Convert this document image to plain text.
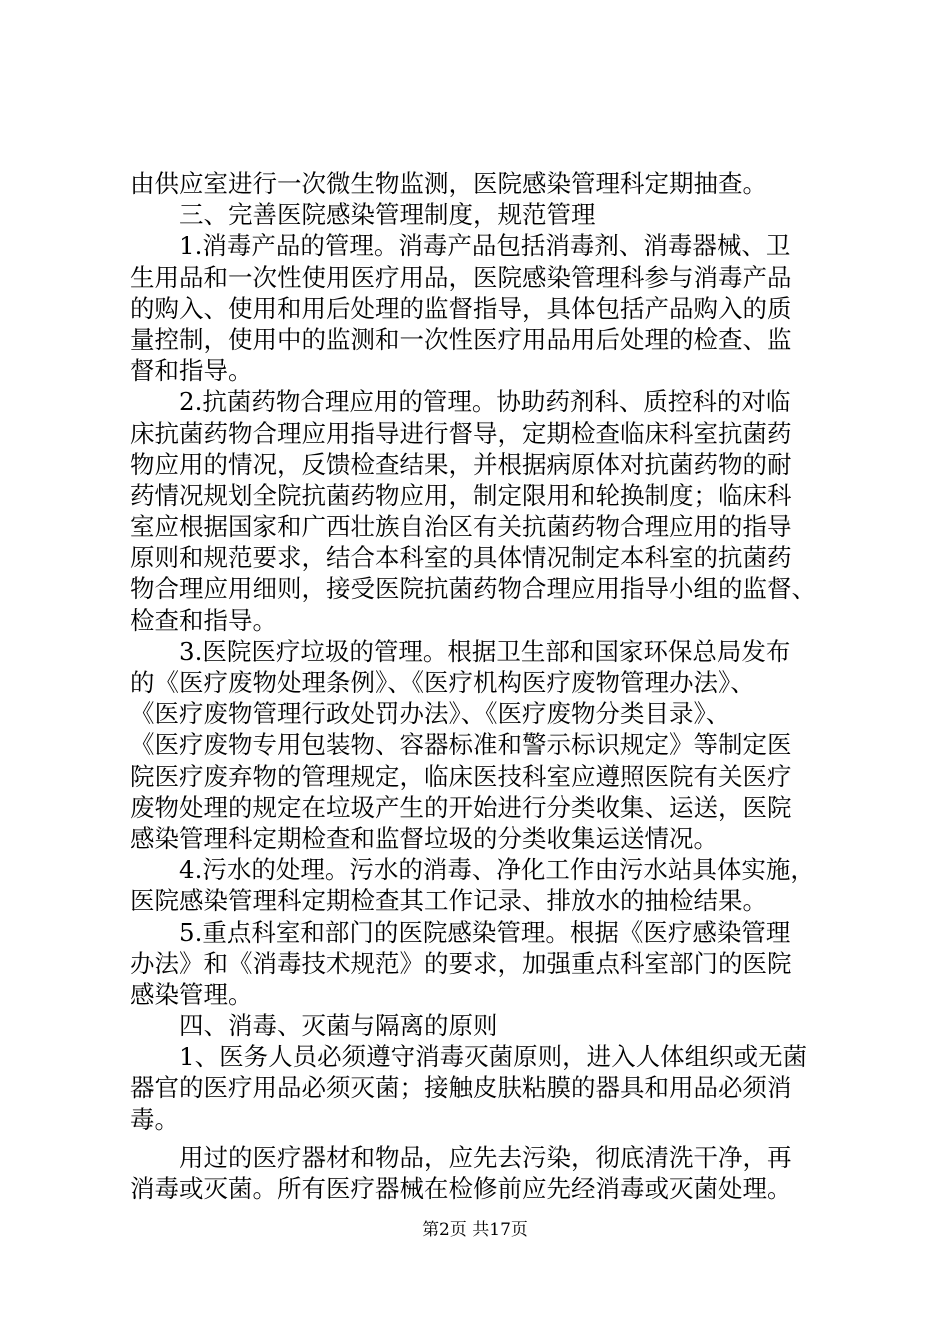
由供应室进行一次微生物监测，医院感染管理科定期抽查。
三、完善医院感染管理制度，规范管理
1.消毒产品的管理。消毒产品包括消毒剂、消毒器械、卫
生用品和一次性使用医疗用品，医院感染管理科参与消毒产品
的购入、使用和用后处理的监督指导，具体包括产品购入的质
量控制，使用中的监测和一次性医疗用品用后处理的检查、监
督和指导。
2.抗菌药物合理应用的管理。协助药剂科、质控科的对临
床抗菌药物合理应用指导进行督导，定期检查临床科室抗菌药
物应用的情况，反馈检查结果，并根据病原体对抗菌药物的耐
药情况规划全院抗菌药物应用，制定限用和轮换制度；临床科
室应根据国家和广西壮族自治区有关抗菌药物合理应用的指导
原则和规范要求，结合本科室的具体情况制定本科室的抗菌药
物合理应用细则，接受医院抗菌药物合理应用指导小组的监督、
检查和指导。
3.医院医疗垃圾的管理。根据卫生部和国家环保总局发布
的《医疗废物处理条例》、《医疗机构医疗废物管理办法》、
《医疗废物管理行政处罚办法》、《医疗废物分类目录》、
《医疗废物专用包装物、容器标准和警示标识规定》等制定医
院医疗废弃物的管理规定，临床医技科室应遵照医院有关医疗
废物处理的规定在垃圾产生的开始进行分类收集、运送，医院
感染管理科定期检查和监督垃圾的分类收集运送情况。
4.污水的处理。污水的消毒、净化工作由污水站具体实施，
医院感染管理科定期检查其工作记录、排放水的抽检结果。
5.重点科室和部门的医院感染管理。根据《医疗感染管理
办法》和《消毒技术规范》的要求，加强重点科室部门的医院
感染管理。
四、消毒、灭菌与隔离的原则
1、医务人员必须遵守消毒灭菌原则，进入人体组织或无菌
器官的医疗用品必须灭菌；接触皮肤粘膜的器具和用品必须消
毒。
用过的医疗器材和物品，应先去污染，彻底清洗干净，再
消毒或灭菌。所有医疗器械在检修前应先经消毒或灭菌处理。
第2页 共17页
